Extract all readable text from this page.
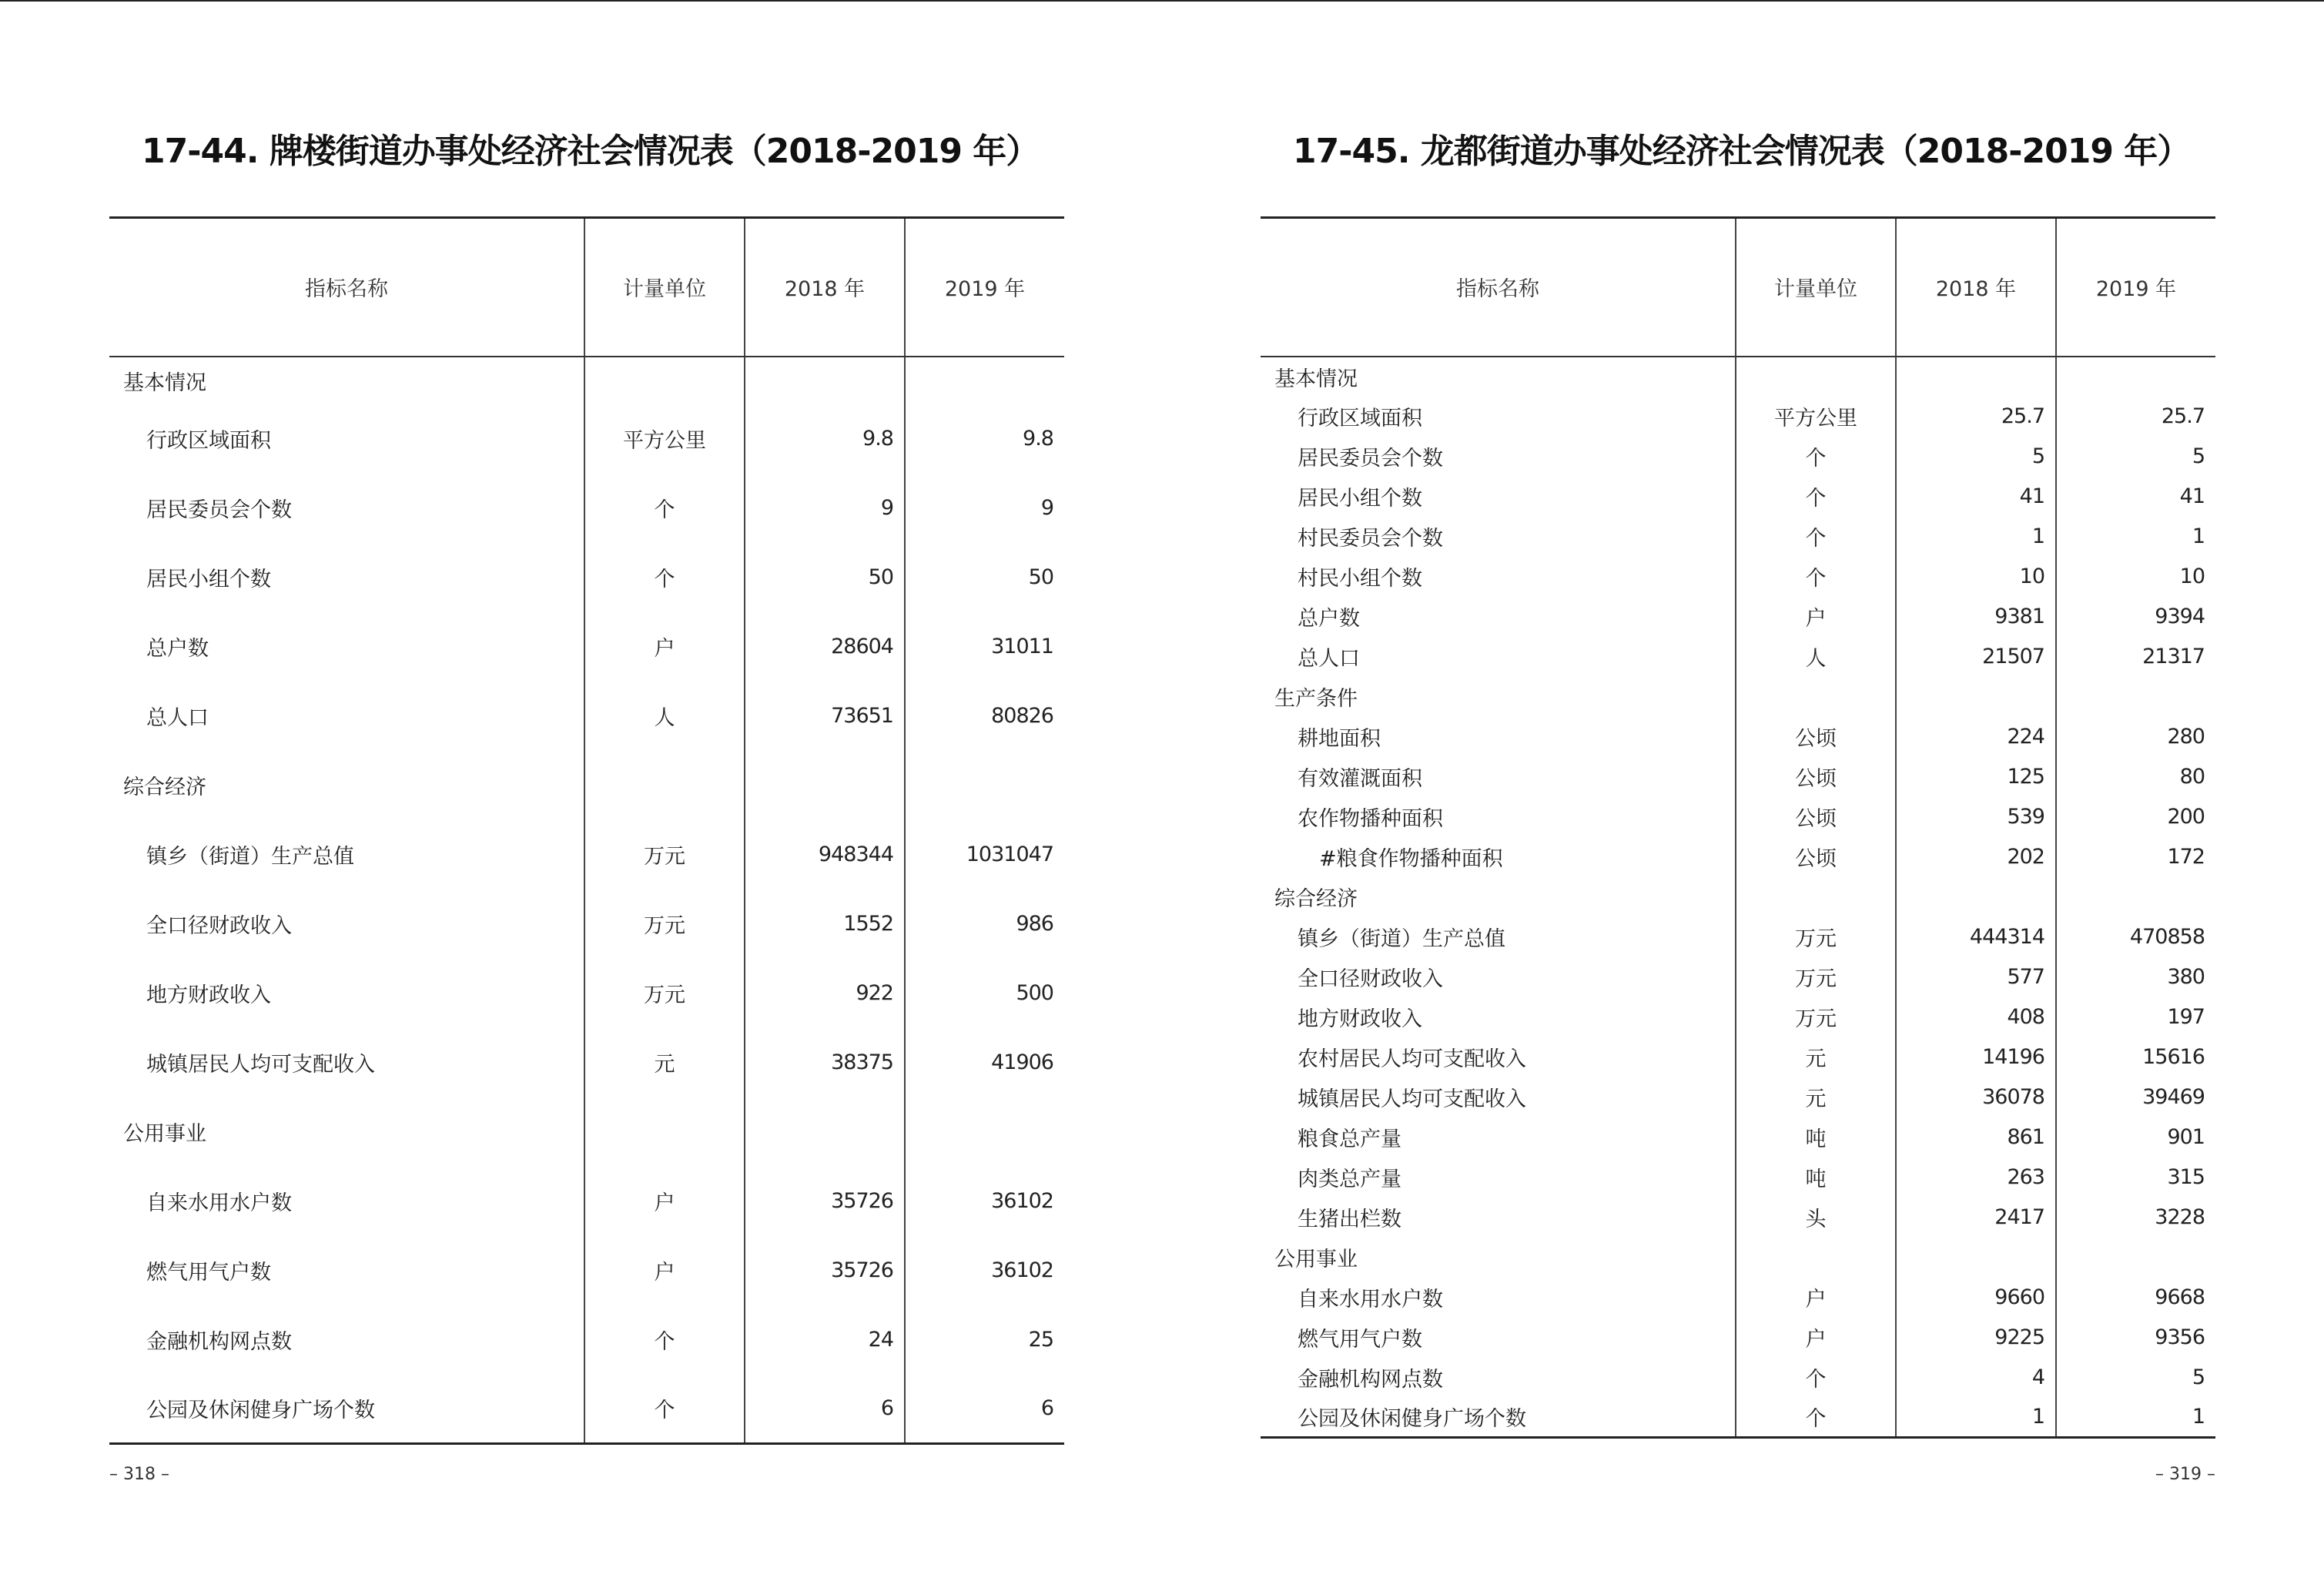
17-44. 牌楼街道办事处经济社会情况表（2018-2019 年）
指标名称	计量单位	2018 年	2019 年
基本情况			
行政区域面积	平方公里	9.8	9.8
居民委员会个数	个	9	9
居民小组个数	个	50	50
总户数	户	28604	31011
总人口	人	73651	80826
综合经济			
镇乡（街道）生产总值	万元	948344	1031047
全口径财政收入	万元	1552	986
地方财政收入	万元	922	500
城镇居民人均可支配收入	元	38375	41906
公用事业			
自来水用水户数	户	35726	36102
燃气用气户数	户	35726	36102
金融机构网点数	个	24	25
公园及休闲健身广场个数	个	6	6
– 318 –
17-45. 龙都街道办事处经济社会情况表（2018-2019 年）
指标名称	计量单位	2018 年	2019 年
基本情况			
行政区域面积	平方公里	25.7	25.7
居民委员会个数	个	5	5
居民小组个数	个	41	41
村民委员会个数	个	1	1
村民小组个数	个	10	10
总户数	户	9381	9394
总人口	人	21507	21317
生产条件			
耕地面积	公顷	224	280
有效灌溉面积	公顷	125	80
农作物播种面积	公顷	539	200
#粮食作物播种面积	公顷	202	172
综合经济			
镇乡（街道）生产总值	万元	444314	470858
全口径财政收入	万元	577	380
地方财政收入	万元	408	197
农村居民人均可支配收入	元	14196	15616
城镇居民人均可支配收入	元	36078	39469
粮食总产量	吨	861	901
肉类总产量	吨	263	315
生猪出栏数	头	2417	3228
公用事业			
自来水用水户数	户	9660	9668
燃气用气户数	户	9225	9356
金融机构网点数	个	4	5
公园及休闲健身广场个数	个	1	1
– 319 –
